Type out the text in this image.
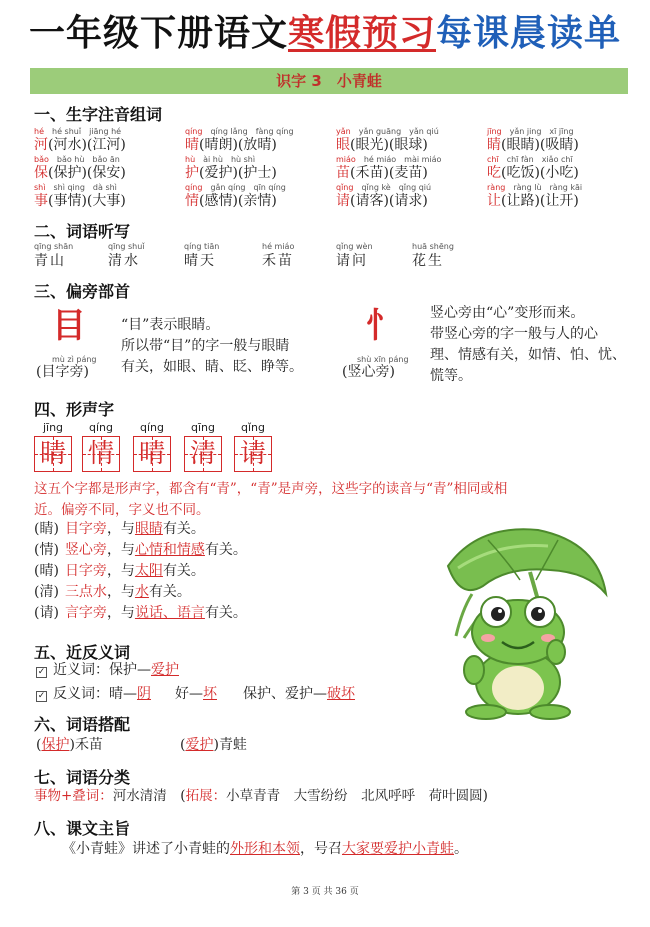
一年级下册语文寒假预习每课晨读单
识字 3　小青蛙
一、生字注音组词
hé　 hé shuǐ　jiāng hé
河(河水)(江河)
qíng　 qíng lǎng　fàng qíng
晴(晴朗)(放晴)
yǎn　 yǎn guāng　yǎn qiú
眼(眼光)(眼球)
jīng　 yǎn jing　xī jīng
睛(眼睛)(吸睛)
bǎo　 bǎo hù　bǎo ān
保(保护)(保安)
hù　 ài hù　hù shì
护(爱护)(护士)
miáo　 hé miáo　mài miáo
苗(禾苗)(麦苗)
chī　 chī fàn　xiǎo chī
吃(吃饭)(小吃)
shì　 shì qing　dà shì
事(事情)(大事)
qíng　 gǎn qíng　qīn qíng
情(感情)(亲情)
qǐng　 qǐng kè　qǐng qiú
请(请客)(请求)
ràng　 ràng lù　ràng kāi
让(让路)(让开)
二、词语听写
qīng shān
青山
qīng shuǐ
清水
qíng tiān
晴天
hé miáo
禾苗
qǐng wèn
请问
huā shēng
花生
三、偏旁部首
目
mù zì páng
(目字旁)
“目”表示眼睛。
所以带“目”的字一般与眼睛
有关，如眼、睛、眨、睁等。
忄
shù xīn páng
(竖心旁)
竖心旁由“心”变形而来。
带竖心旁的字一般与人的心
理、情感有关，如情、怕、忧、
慌等。
四、形声字
jīng
睛
qíng
情
qíng
晴
qīng
清
qǐng
请
这五个字都是形声字，都含有“青”，“青”是声旁，这些字的读音与“青”相同或相
近。偏旁不同，字义也不同。
(睛) 目字旁，与眼睛有关。
(情) 竖心旁，与心情和情感有关。
(晴) 日字旁，与太阳有关。
(清) 三点水，与水有关。
(请) 言字旁，与说话、语言有关。
五、近反义词
✓ 近义词：保护—爱护
✓ 反义词：晴—阴 好—坏 保护、爱护—破坏
六、词语搭配
(保护)禾苗	(爱护)青蛙
七、词语分类
事物+叠词：河水清清　(拓展：小草青青　大雪纷纷　北风呼呼　荷叶圆圆)
八、课文主旨
《小青蛙》讲述了小青蛙的外形和本领，号召大家要爱护小青蛙。
第 3 页 共 36 页
